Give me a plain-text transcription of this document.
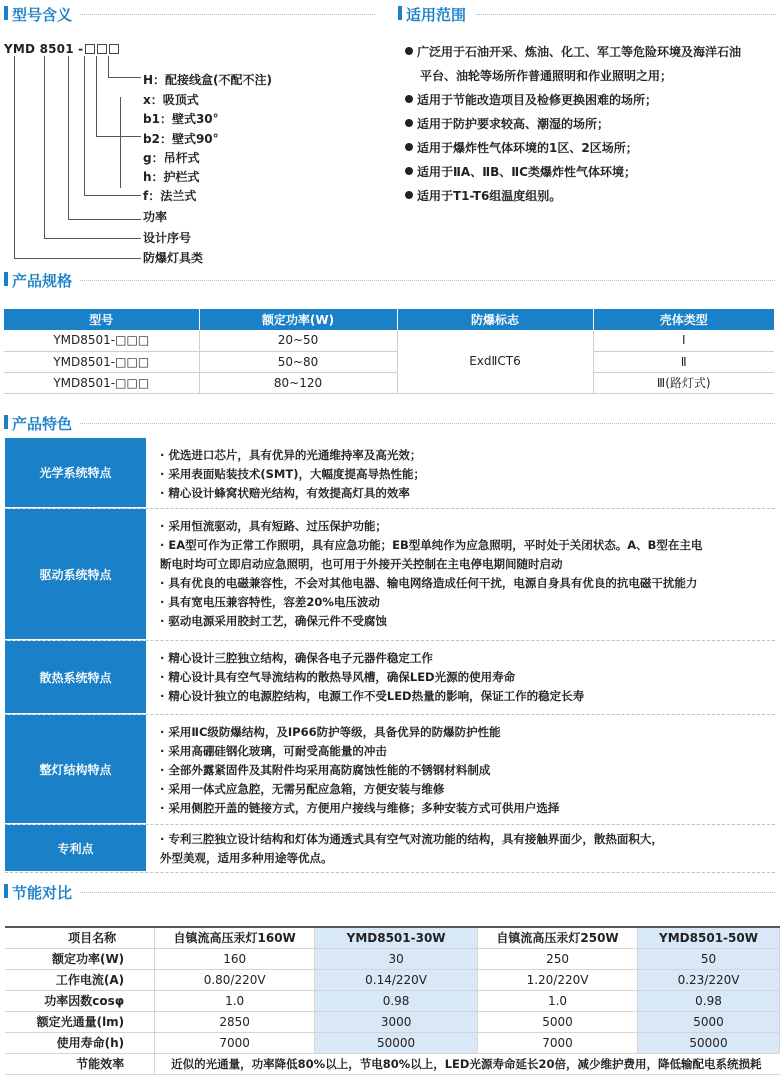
型号含义
YMD 8501 -
H：配接线盒(不配不注)
x：吸顶式
b1：壁式30°
b2：壁式90°
g：吊杆式
h：护栏式
f：法兰式
功率
设计序号
防爆灯具类
适用范围
广泛用于石油开采、炼油、化工、军工等危险环境及海洋石油
平台、油轮等场所作普通照明和作业照明之用；
适用于节能改造项目及检修更换困难的场所；
适用于防护要求较高、潮湿的场所；
适用于爆炸性气体环境的1区、2区场所；
适用于ⅡA、ⅡB、ⅡC类爆炸性气体环境；
适用于T1-T6组温度组别。
产品规格
型号	额定功率(W)	防爆标志	壳体类型
YMD8501-□□□	20~50	ExdⅡCT6	Ⅰ
YMD8501-□□□	50~80		Ⅱ
YMD8501-□□□	80~120		Ⅲ(路灯式)
产品特色
光学系统特点
· 优选进口芯片，具有优异的光通维持率及高光效；
· 采用表面贴装技术(SMT)，大幅度提高导热性能；
· 精心设计蜂窝状赔光结构，有效提高灯具的效率
驱动系统特点
· 采用恒流驱动，具有短路、过压保护功能；
· EA型可作为正常工作照明，具有应急功能；EB型单纯作为应急照明，平时处于关闭状态。A、B型在主电
断电时均可立即启动应急照明，也可用于外接开关控制在主电停电期间随时启动
· 具有优良的电磁兼容性，不会对其他电器、输电网络造成任何干扰，电源自身具有优良的抗电磁干扰能力
· 具有宽电压兼容特性，容差20%电压波动
· 驱动电源采用胶封工艺，确保元件不受腐蚀
散热系统特点
· 精心设计三腔独立结构，确保各电子元器件稳定工作
· 精心设计具有空气导流结构的散热导风槽，确保LED光源的使用寿命
· 精心设计独立的电源腔结构，电源工作不受LED热量的影响，保证工作的稳定长寿
整灯结构特点
· 采用ⅡC级防爆结构，及IP66防护等级，具备优异的防爆防护性能
· 采用高硼硅钢化玻璃，可耐受高能量的冲击
· 全部外露紧固件及其附件均采用高防腐蚀性能的不锈钢材料制成
· 采用一体式应急腔，无需另配应急箱，方便安装与维修
· 采用侧腔开盖的链接方式，方便用户接线与维修；多种安装方式可供用户选择
专利点
· 专利三腔独立设计结构和灯体为通透式具有空气对流功能的结构，具有接触界面少，散热面积大，
外型美观，适用多种用途等优点。
节能对比
项目名称	自镇流高压汞灯160W	YMD8501-30W	自镇流高压汞灯250W	YMD8501-50W
额定功率(W)	160	30	250	50
工作电流(A)	0.80/220V	0.14/220V	1.20/220V	0.23/220V
功率因数cosφ	1.0	0.98	1.0	0.98
额定光通量(lm)	2850	3000	5000	5000
使用寿命(h)	7000	50000	7000	50000
节能效率	近似的光通量，功率降低80%以上，节电80%以上，LED光源寿命延长20倍，减少维护费用，降低输配电系统损耗			
